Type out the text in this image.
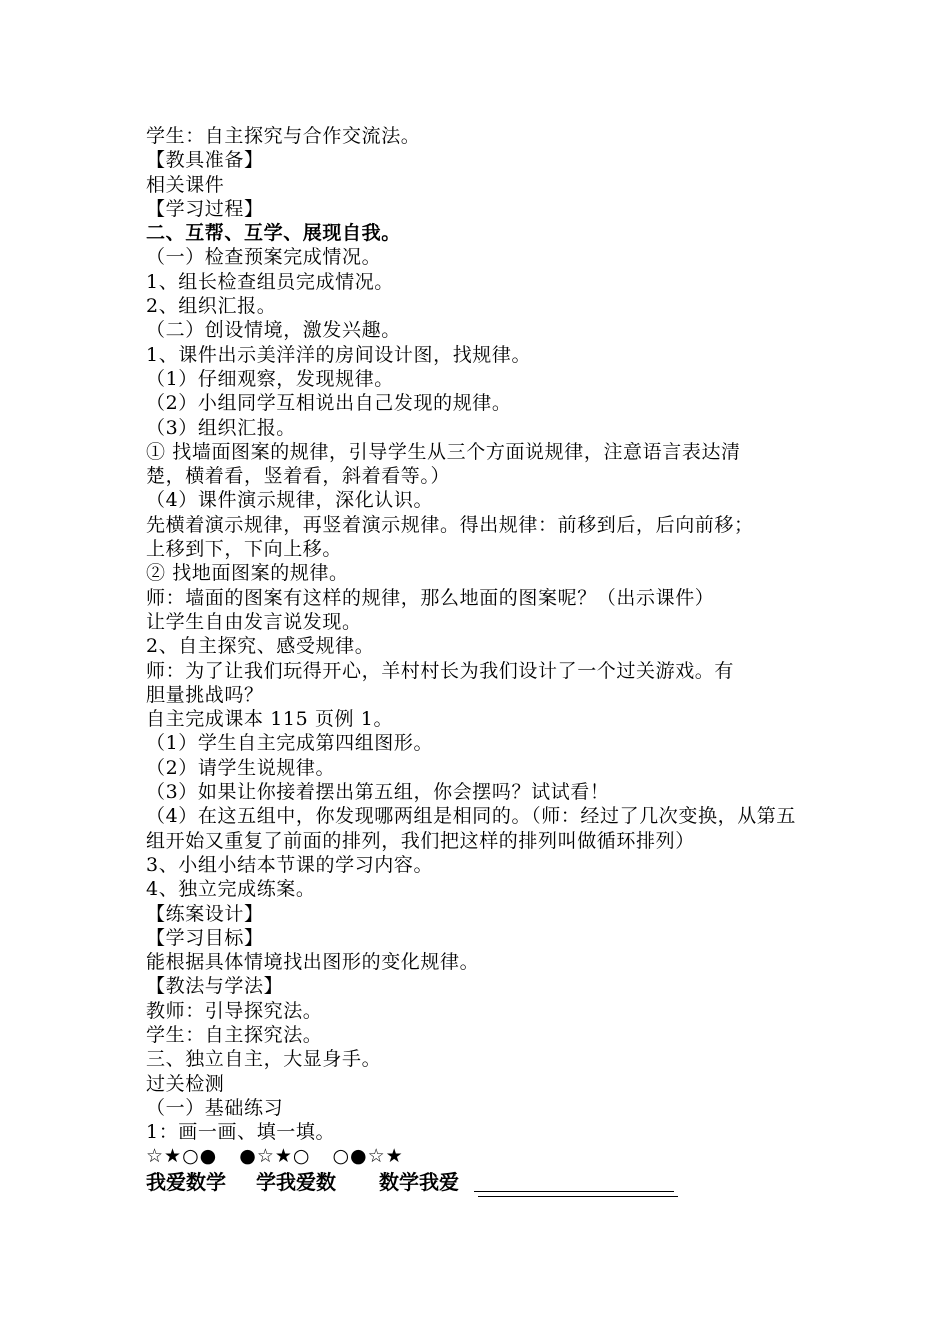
学生：自主探究与合作交流法。
【教具准备】
相关课件
【学习过程】
二、互帮、互学、展现自我。
（一）检查预案完成情况。
1、组长检查组员完成情况。
2、组织汇报。
（二）创设情境，激发兴趣。
1、课件出示美洋洋的房间设计图，找规律。
（1）仔细观察，发现规律。
（2）小组同学互相说出自己发现的规律。
（3）组织汇报。
① 找墙面图案的规律，引导学生从三个方面说规律，注意语言表达清
楚，横着看，竖着看，斜着看等。）
（4）课件演示规律，深化认识。
先横着演示规律，再竖着演示规律。得出规律：前移到后，后向前移；
上移到下，下向上移。
② 找地面图案的规律。
师：墙面的图案有这样的规律，那么地面的图案呢？（出示课件）
让学生自由发言说发现。
2、自主探究、感受规律。
师：为了让我们玩得开心，羊村村长为我们设计了一个过关游戏。有
胆量挑战吗？
自主完成课本 115 页例 1。
（1）学生自主完成第四组图形。
（2）请学生说规律。
（3）如果让你接着摆出第五组，你会摆吗？试试看！
（4）在这五组中，你发现哪两组是相同的。（师：经过了几次变换，从第五
组开始又重复了前面的排列，我们把这样的排列叫做循环排列）
3、小组小结本节课的学习内容。
4、独立完成练案。
【练案设计】
【学习目标】
能根据具体情境找出图形的变化规律。
【教法与学法】
教师：引导探究法。
学生：自主探究法。
三、独立自主，大显身手。
过关检测
（一）基础练习
1：画一画、填一填。
☆★○● ●☆★○ ○●☆★
我爱数学 学我爱数 数学我爱
